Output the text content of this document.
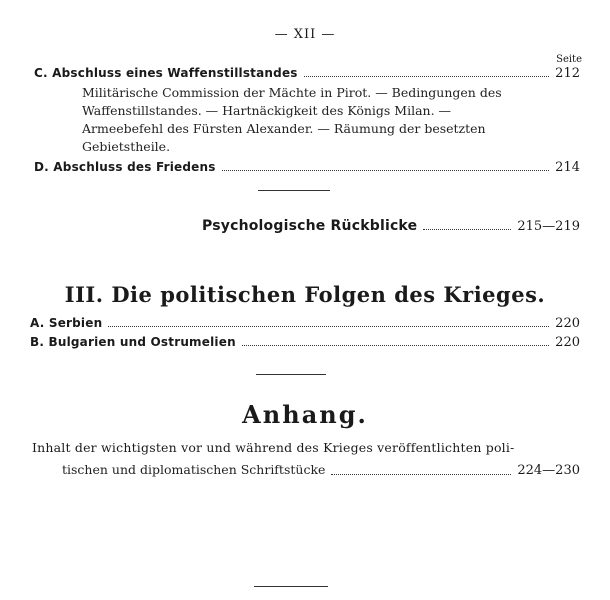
— XII —
Seite
C. Abschluss eines Waffenstillstandes	212
Militärische Commission der Mächte in Pirot. — Bedingungen des
Waffenstillstandes. — Hartnäckigkeit des Königs Milan. —
Armeebefehl des Fürsten Alexander. — Räumung der besetzten
Gebietstheile.
D. Abschluss des Friedens	214
Psychologische Rückblicke	215—219
III. Die politischen Folgen des Krieges.
A. Serbien	220
B. Bulgarien und Ostrumelien	220
Anhang.
Inhalt der wichtigsten vor und während des Krieges veröffentlichten poli-
tischen und diplomatischen Schriftstücke	224—230
